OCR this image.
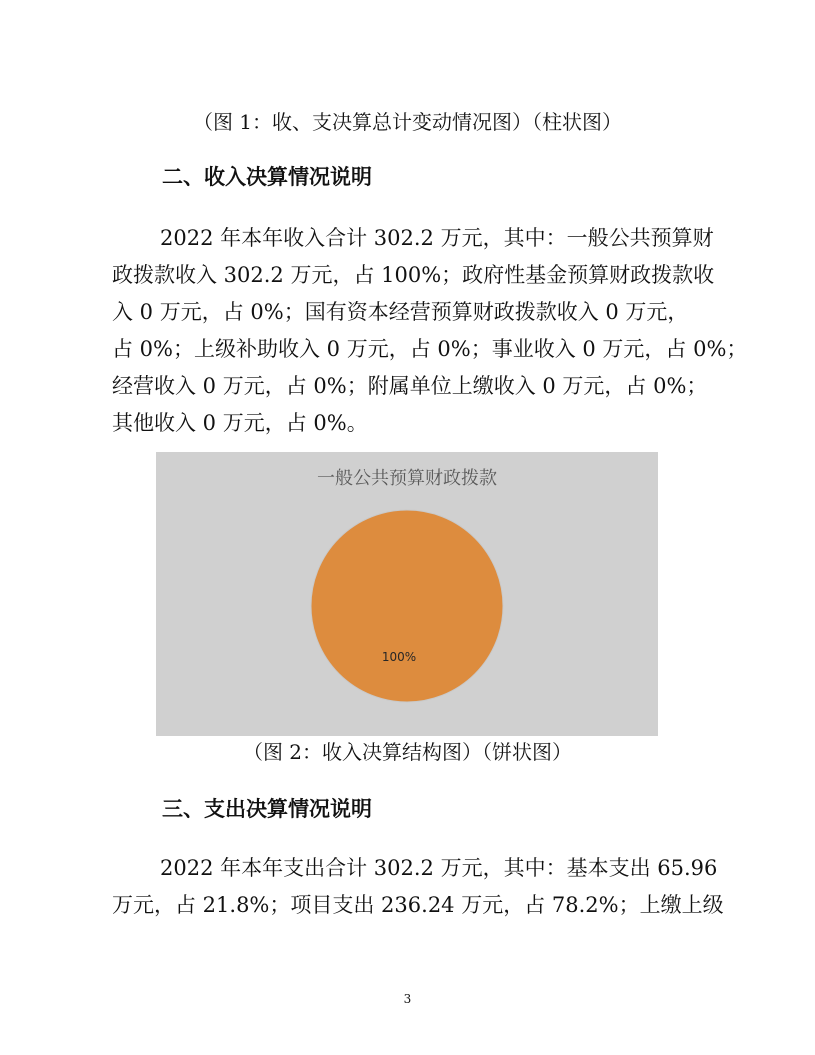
（图 1：收、支决算总计变动情况图）（柱状图）
二、收入决算情况说明
2022 年本年收入合计 302.2 万元，其中：一般公共预算财
政拨款收入 302.2 万元，占 100%；政府性基金预算财政拨款收
入 0 万元，占 0%；国有资本经营预算财政拨款收入 0 万元，
占 0%；上级补助收入 0 万元，占 0%；事业收入 0 万元，占 0%；
经营收入 0 万元，占 0%；附属单位上缴收入 0 万元，占 0%；
其他收入 0 万元，占 0%。
一般公共预算财政拨款
100%
（图 2：收入决算结构图）（饼状图）
三、支出决算情况说明
2022 年本年支出合计 302.2 万元，其中：基本支出 65.96
万元，占 21.8%；项目支出 236.24 万元，占 78.2%；上缴上级
3
